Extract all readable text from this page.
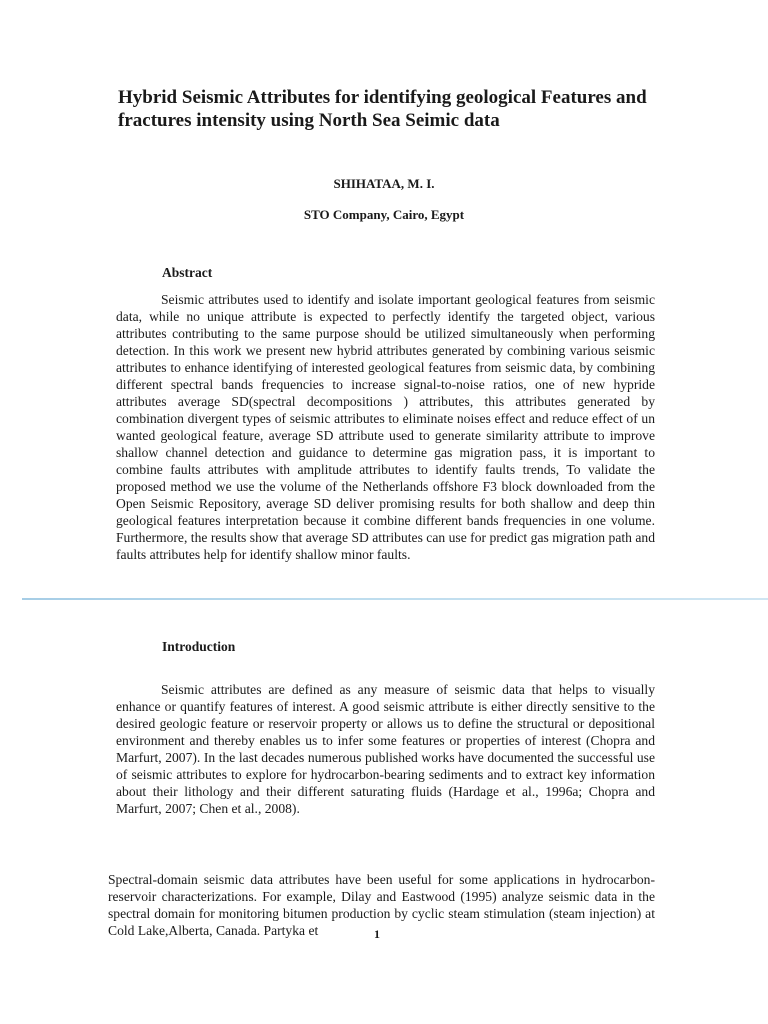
Hybrid Seismic Attributes for identifying geological Features and fractures intensity using North Sea Seimic data
SHIHATAA, M. I.
STO Company, Cairo, Egypt
Abstract

Seismic attributes used to identify and isolate important geological features from seismic data, while no unique attribute is expected to perfectly identify the targeted object, various attributes contributing to the same purpose should be utilized simultaneously when performing detection. In this work we present new hybrid attributes generated by combining various seismic attributes to enhance identifying of interested geological features from seismic data, by combining different spectral bands frequencies to increase signal-to-noise ratios, one of new hypride attributes average SD(spectral decompositions ) attributes, this attributes generated by combination divergent types of seismic attributes to eliminate noises effect and reduce effect of un wanted geological feature, average SD attribute used to generate similarity attribute to improve shallow channel detection and guidance to determine gas migration pass, it is important to combine faults attributes with amplitude attributes to identify faults trends, To validate the proposed method we use the volume of the Netherlands offshore F3 block downloaded from the Open Seismic Repository, average SD deliver promising results for both shallow and deep thin geological features interpretation because it combine different bands frequencies in one volume. Furthermore, the results show that average SD attributes can use for predict gas migration path and faults attributes help for identify shallow minor faults.

Introduction

Seismic attributes are defined as any measure of seismic data that helps to visually enhance or quantify features of interest. A good seismic attribute is either directly sensitive to the desired geologic feature or reservoir property or allows us to define the structural or depositional environment and thereby enables us to infer some features or properties of interest (Chopra and Marfurt, 2007). In the last decades numerous published works have documented the successful use of seismic attributes to explore for hydrocarbon-bearing sediments and to extract key information about their lithology and their different saturating fluids (Hardage et al., 1996a; Chopra and Marfurt, 2007; Chen et al., 2008).

Spectral-domain seismic data attributes have been useful for some applications in hydrocarbon-reservoir characterizations. For example, Dilay and Eastwood (1995) analyze seismic data in the spectral domain for monitoring bitumen production by cyclic steam stimulation (steam injection) at Cold Lake,Alberta, Canada. Partyka et	1
